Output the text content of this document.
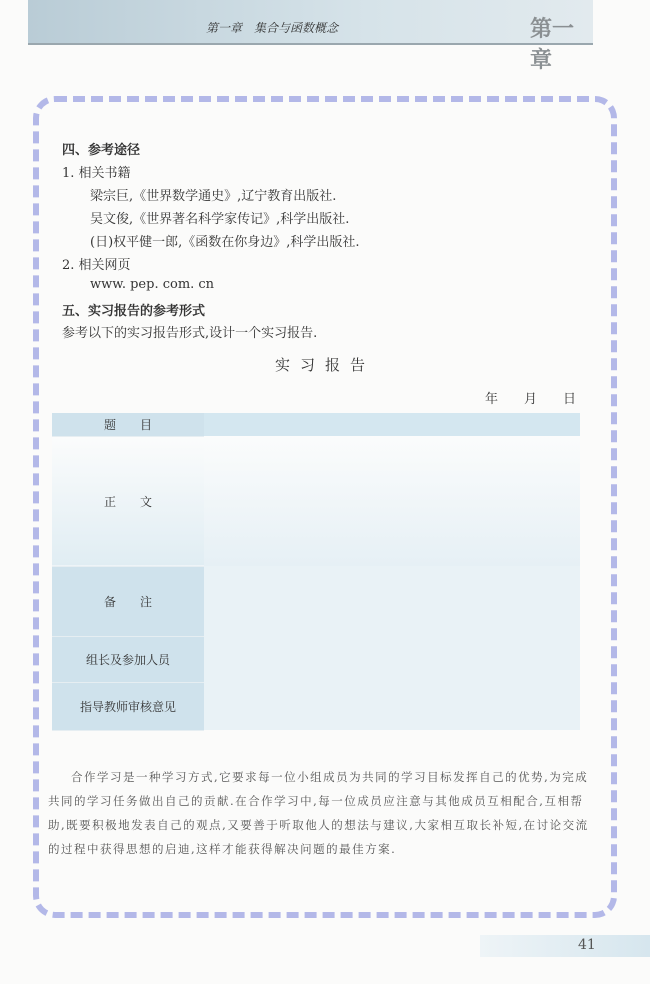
第一章　集合与函数概念	第一章
四、参考途径
1. 相关书籍
梁宗巨,《世界数学通史》,辽宁教育出版社.
吴文俊,《世界著名科学家传记》,科学出版社.
(日)权平健一郎,《函数在你身边》,科学出版社.
2. 相关网页
www. pep. com. cn
五、实习报告的参考形式
参考以下的实习报告形式,设计一个实习报告.
实习报告
年　　月　　日
题　　目	
正　　文	
备　　注	
组长及参加人员	
指导教师审核意见	
合作学习是一种学习方式,它要求每一位小组成员为共同的学习目标发挥自己的优势,为完成共同的学习任务做出自己的贡献.在合作学习中,每一位成员应注意与其他成员互相配合,互相帮助,既要积极地发表自己的观点,又要善于听取他人的想法与建议,大家相互取长补短,在讨论交流的过程中获得思想的启迪,这样才能获得解决问题的最佳方案.
41
